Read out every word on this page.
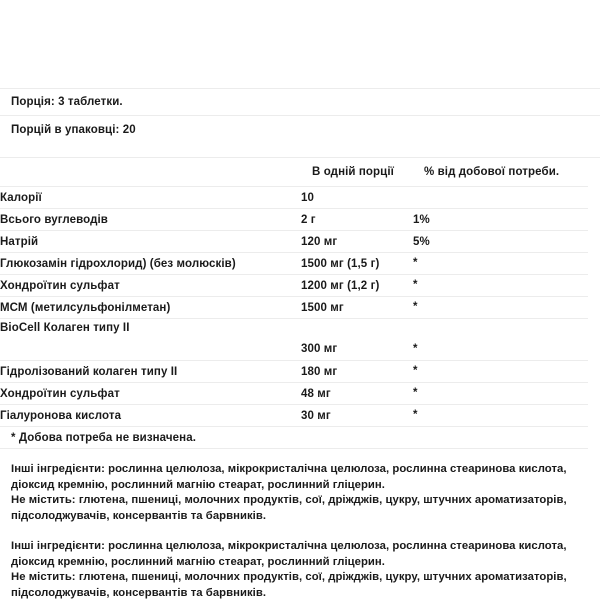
Порція: 3 таблетки.
Порцій в упаковці: 20
	В одній порції	% від добової потреби.
Калорії	10	
Всього вуглеводів	2 г	1%
Натрій	120 мг	5%
Глюкозамін гідрохлорид) (без молюсків)	1500 мг (1,5 г)	*
Хондроїтин сульфат	1200 мг (1,2 г)	*
МСМ (метилсульфонілметан)	1500 мг	*
BioCell Колаген типу II	300 мг	*
Гідролізований колаген типу II	180 мг	*
Хондроїтин сульфат	48 мг	*
Гіалуронова кислота	30 мг	*
* Добова потреба не визначена.
Інші інгредієнти: рослинна целюлоза, мікрокристалічна целюлоза, рослинна стеаринова кислота, діоксид кремнію, рослинний магнію стеарат, рослинний гліцерин.
Не містить: глютена, пшениці, молочних продуктів, сої, дріжджів, цукру, штучних ароматизаторів, підсолоджувачів, консервантів та барвників.
Інші інгредієнти: рослинна целюлоза, мікрокристалічна целюлоза, рослинна стеаринова кислота, діоксид кремнію, рослинний магнію стеарат, рослинний гліцерин.
Не містить: глютена, пшениці, молочних продуктів, сої, дріжджів, цукру, штучних ароматизаторів, підсолоджувачів, консервантів та барвників.
